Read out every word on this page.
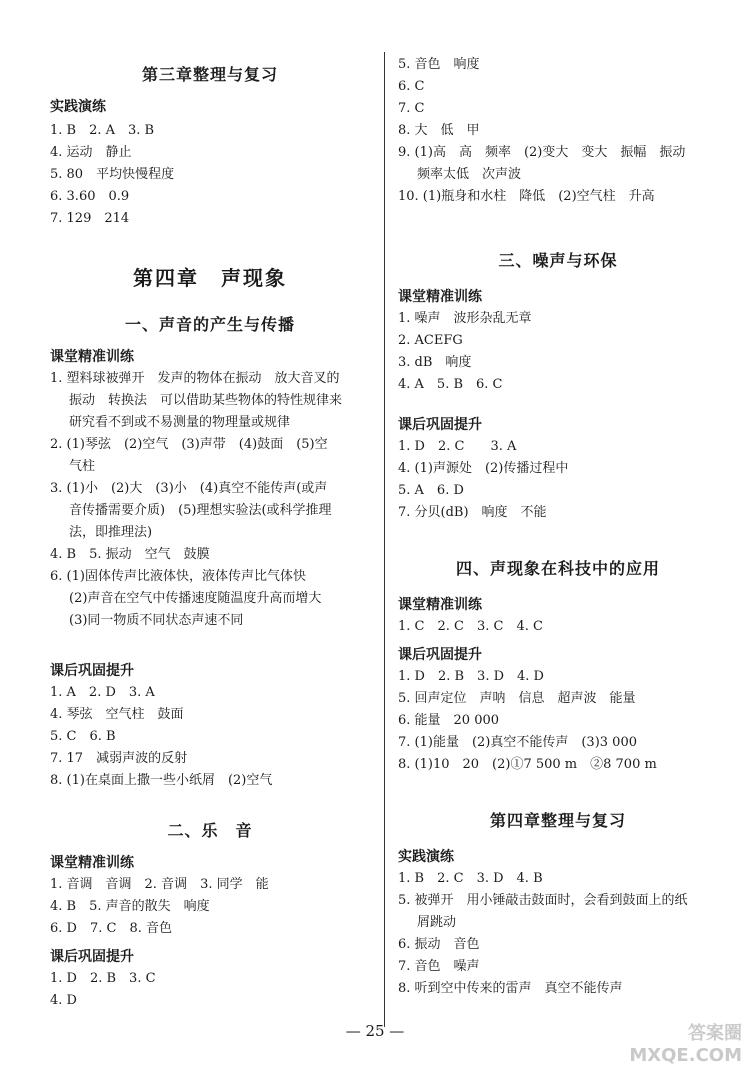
第三章整理与复习
实践演练
1. B　2. A　3. B
4. 运动　静止
5. 80　平均快慢程度
6. 3.60　0.9
7. 129　214
第四章 声现象
一、声音的产生与传播
课堂精准训练
1. 塑料球被弹开　发声的物体在振动　放大音叉的
振动　转换法　可以借助某些物体的特性规律来
研究看不到或不易测量的物理量或规律
2. (1)琴弦　(2)空气　(3)声带　(4)鼓面　(5)空
气柱
3. (1)小　(2)大　(3)小　(4)真空不能传声(或声
音传播需要介质)　(5)理想实验法(或科学推理
法，即推理法)
4. B　5. 振动　空气　鼓膜
6. (1)固体传声比液体快，液体传声比气体快
(2)声音在空气中传播速度随温度升高而增大
(3)同一物质不同状态声速不同
课后巩固提升
1. A　2. D　3. A
4. 琴弦　空气柱　鼓面
5. C　6. B
7. 17　减弱声波的反射
8. (1)在桌面上撒一些小纸屑　(2)空气
二、乐　音
课堂精准训练
1. 音调　音调　2. 音调　3. 同学　能
4. B　5. 声音的散失　响度
6. D　7. C　8. 音色
课后巩固提升
1. D　2. B　3. C
4. D
5. 音色　响度
6. C
7. C
8. 大　低　甲
9. (1)高　高　频率　(2)变大　变大　振幅　振动
频率太低　次声波
10. (1)瓶身和水柱　降低　(2)空气柱　升高
三、噪声与环保
课堂精准训练
1. 噪声　波形杂乱无章
2. ACEFG
3. dB　响度
4. A　5. B　6. C
课后巩固提升
1. D　2. C　　3. A
4. (1)声源处　(2)传播过程中
5. A　6. D
7. 分贝(dB)　响度　不能
四、声现象在科技中的应用
课堂精准训练
1. C　2. C　3. C　4. C
课后巩固提升
1. D　2. B　3. D　4. D
5. 回声定位　声呐　信息　超声波　能量
6. 能量　20 000
7. (1)能量　(2)真空不能传声　(3)3 000
8. (1)10　20　(2)①7 500 m　②8 700 m
第四章整理与复习
实践演练
1. B　2. C　3. D　4. B
5. 被弹开　用小锤敲击鼓面时，会看到鼓面上的纸
屑跳动
6. 振动　音色
7. 音色　噪声
8. 听到空中传来的雷声　真空不能传声
— 25 —	答案圈
MXQE.COM
